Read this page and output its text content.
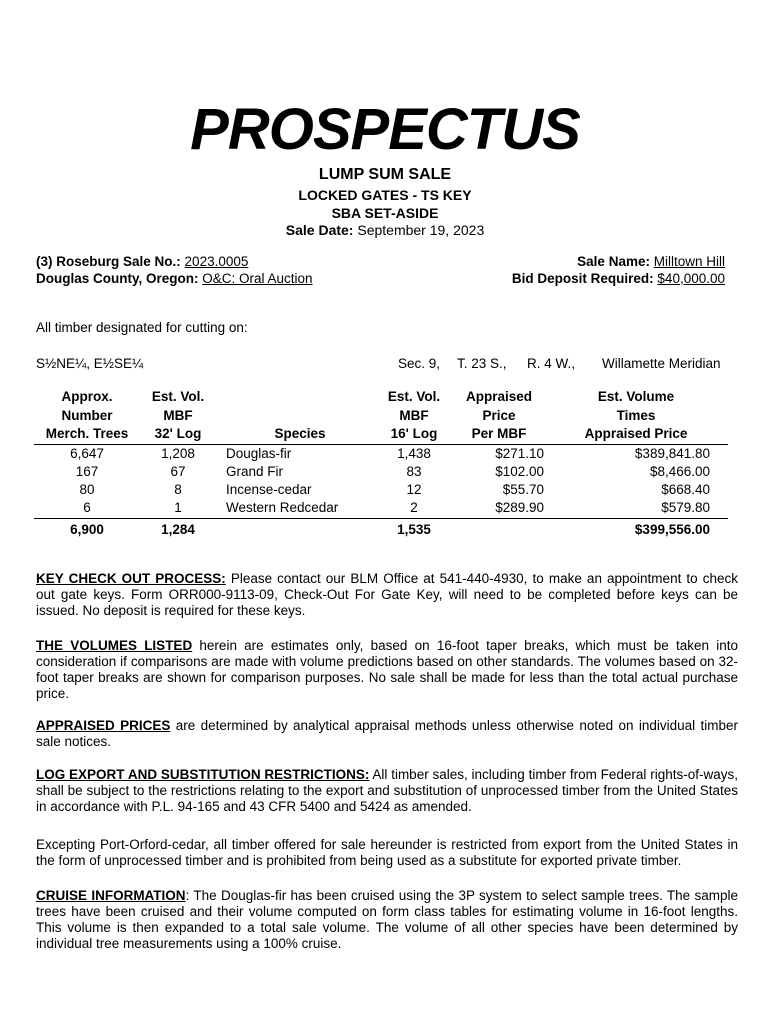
PROSPECTUS
LUMP SUM SALE
LOCKED GATES - TS KEY
SBA SET-ASIDE
Sale Date: September 19, 2023
(3) Roseburg Sale No.: 2023.0005
Douglas County, Oregon: O&C: Oral Auction
Sale Name: Milltown Hill
Bid Deposit Required: $40,000.00
All timber designated for cutting on:
S½NE¼, E½SE¼	Sec. 9, T. 23 S., R. 4 W., Willamette Meridian
Approx.	Est. Vol.			Est. Vol.	Appraised	Est. Volume
Number	MBF			MBF	Price	Times
Merch. Trees	32' Log		Species	16' Log	Per MBF	Appraised Price
6,647	1,208		Douglas-fir	1,438	$271.10	$389,841.80
167	67		Grand Fir	83	$102.00	$8,466.00
80	8		Incense-cedar	12	$55.70	$668.40
6	1		Western Redcedar	2	$289.90	$579.80
6,900	1,284			1,535		$399,556.00
KEY CHECK OUT PROCESS: Please contact our BLM Office at 541-440-4930, to make an appointment to check out gate keys. Form ORR000-9113-09, Check-Out For Gate Key, will need to be completed before keys can be issued. No deposit is required for these keys.
THE VOLUMES LISTED herein are estimates only, based on 16-foot taper breaks, which must be taken into consideration if comparisons are made with volume predictions based on other standards. The volumes based on 32-foot taper breaks are shown for comparison purposes. No sale shall be made for less than the total actual purchase price.
APPRAISED PRICES are determined by analytical appraisal methods unless otherwise noted on individual timber sale notices.
LOG EXPORT AND SUBSTITUTION RESTRICTIONS: All timber sales, including timber from Federal rights-of-ways, shall be subject to the restrictions relating to the export and substitution of unprocessed timber from the United States in accordance with P.L. 94-165 and 43 CFR 5400 and 5424 as amended.
Excepting Port-Orford-cedar, all timber offered for sale hereunder is restricted from export from the United States in the form of unprocessed timber and is prohibited from being used as a substitute for exported private timber.
CRUISE INFORMATION: The Douglas-fir has been cruised using the 3P system to select sample trees. The sample trees have been cruised and their volume computed on form class tables for estimating volume in 16-foot lengths. This volume is then expanded to a total sale volume. The volume of all other species have been determined by individual tree measurements using a 100% cruise.
